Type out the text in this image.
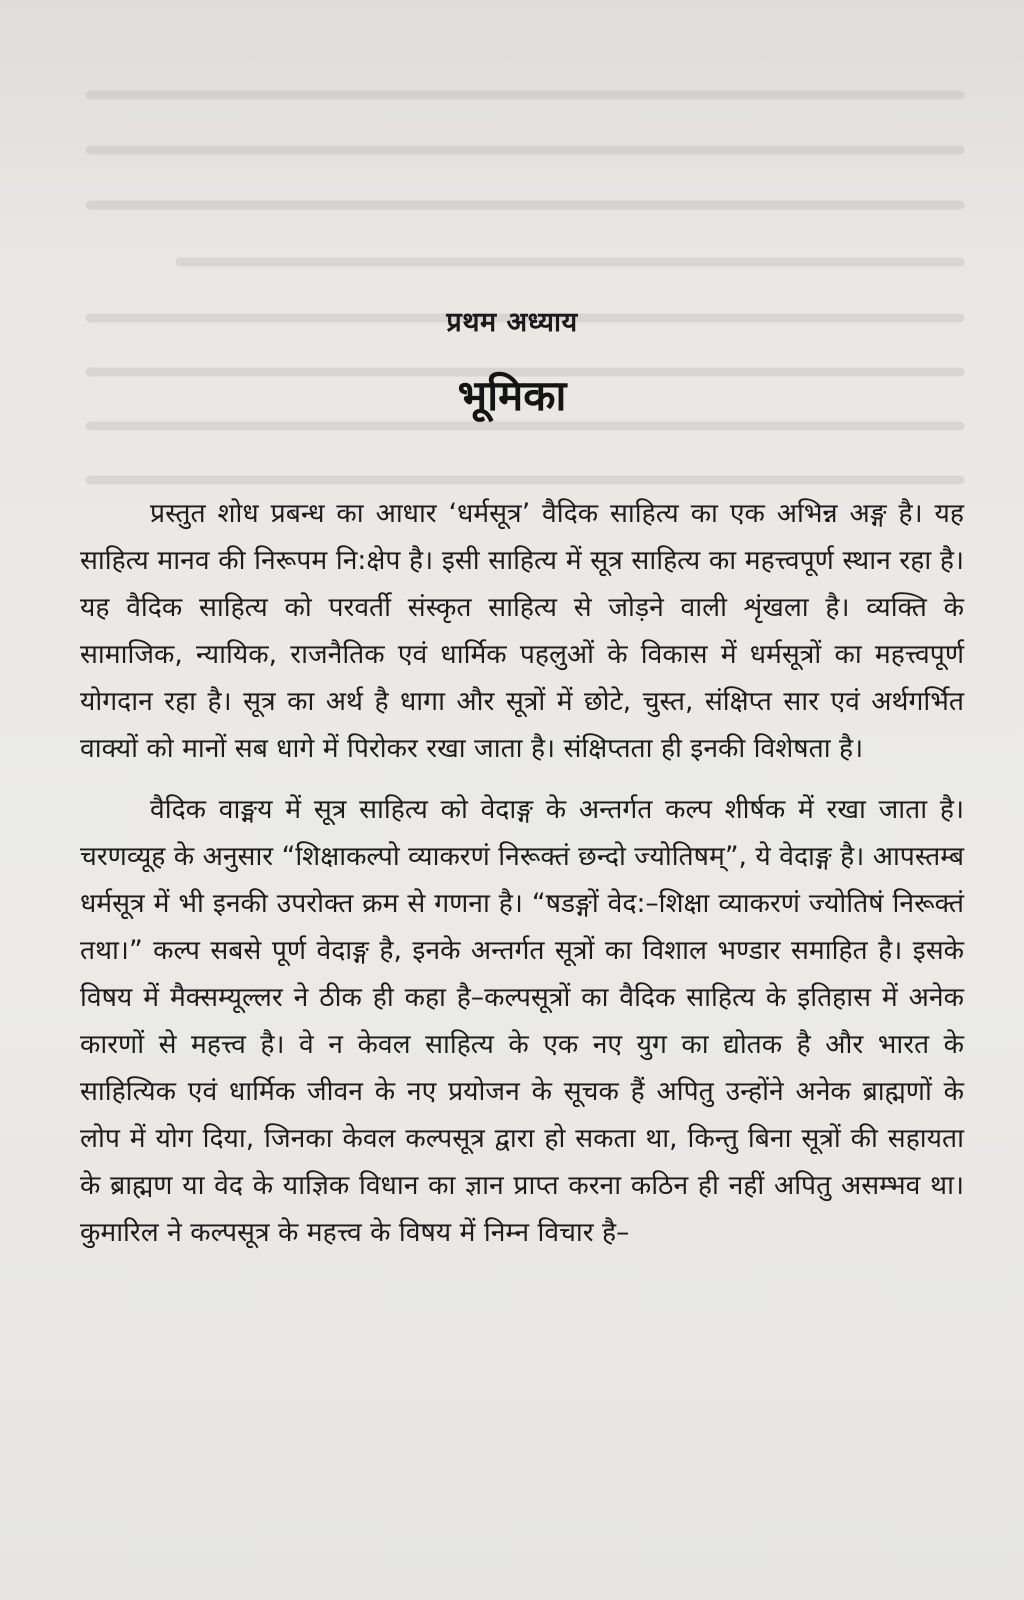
प्रथम अध्याय
भूमिका

प्रस्तुत शोध प्रबन्ध का आधार ‘धर्मसूत्र’ वैदिक साहित्य का एक अभिन्न अङ्ग है। यह साहित्य मानव की निरूपम नि:क्षेप है। इसी साहित्य में सूत्र साहित्य का महत्त्वपूर्ण स्थान रहा है। यह वैदिक साहित्य को परवर्ती संस्कृत साहित्य से जोड़ने वाली शृंखला है। व्यक्ति के सामाजिक, न्यायिक, राजनैतिक एवं धार्मिक पहलुओं के विकास में धर्मसूत्रों का महत्त्वपूर्ण योगदान रहा है। सूत्र का अर्थ है धागा और सूत्रों में छोटे, चुस्त, संक्षिप्त सार एवं अर्थगर्भित वाक्यों को मानों सब धागे में पिरोकर रखा जाता है। संक्षिप्तता ही इनकी विशेषता है।

वैदिक वाङ्मय में सूत्र साहित्य को वेदाङ्ग के अन्तर्गत कल्प शीर्षक में रखा जाता है। चरणव्यूह के अनुसार “शिक्षाकल्पो व्याकरणं निरूक्तं छन्दो ज्योतिषम्”, ये वेदाङ्ग है। आपस्तम्ब धर्मसूत्र में भी इनकी उपरोक्त क्रम से गणना है। “षडङ्गों वेद:–शिक्षा व्याकरणं ज्योतिषं निरूक्तं तथा।” कल्प सबसे पूर्ण वेदाङ्ग है, इनके अन्तर्गत सूत्रों का विशाल भण्डार समाहित है। इसके विषय में मैक्सम्यूल्लर ने ठीक ही कहा है–कल्पसूत्रों का वैदिक साहित्य के इतिहास में अनेक कारणों से महत्त्व है। वे न केवल साहित्य के एक नए युग का द्योतक है और भारत के साहित्यिक एवं धार्मिक जीवन के नए प्रयोजन के सूचक हैं अपितु उन्होंने अनेक ब्राह्मणों के लोप में योग दिया, जिनका केवल कल्पसूत्र द्वारा हो सकता था, किन्तु बिना सूत्रों की सहायता के ब्राह्मण या वेद के याज्ञिक विधान का ज्ञान प्राप्त करना कठिन ही नहीं अपितु असम्भव था। कुमारिल ने कल्पसूत्र के महत्त्व के विषय में निम्न विचार है–
